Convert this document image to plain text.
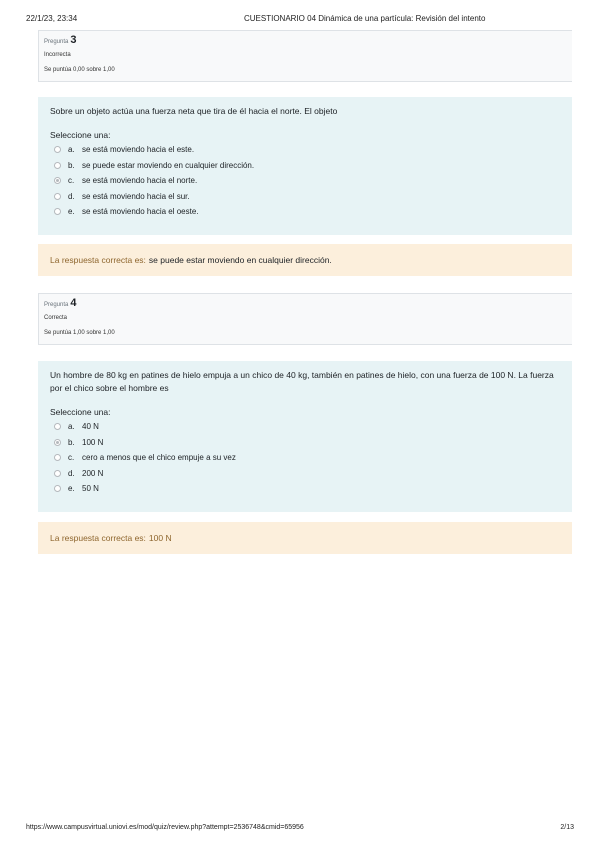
22/1/23, 23:34	CUESTIONARIO 04 Dinámica de una partícula: Revisión del intento
Pregunta 3
Incorrecta
Se puntúa 0,00 sobre 1,00
Sobre un objeto actúa una fuerza neta que tira de él hacia el norte. El objeto
Seleccione una:
a. se está moviendo hacia el este.
b. se puede estar moviendo en cualquier dirección.
c. se está moviendo hacia el norte.
d. se está moviendo hacia el sur.
e. se está moviendo hacia el oeste.
La respuesta correcta es: se puede estar moviendo en cualquier dirección.
Pregunta 4
Correcta
Se puntúa 1,00 sobre 1,00
Un hombre de 80 kg en patines de hielo empuja a un chico de 40 kg, también en patines de hielo, con una fuerza de 100 N. La fuerza
por el chico sobre el hombre es
Seleccione una:
a. 40 N
b. 100 N
c. cero a menos que el chico empuje a su vez
d. 200 N
e. 50 N
La respuesta correcta es: 100 N
https://www.campusvirtual.uniovi.es/mod/quiz/review.php?attempt=2536748&cmid=65956	2/13
